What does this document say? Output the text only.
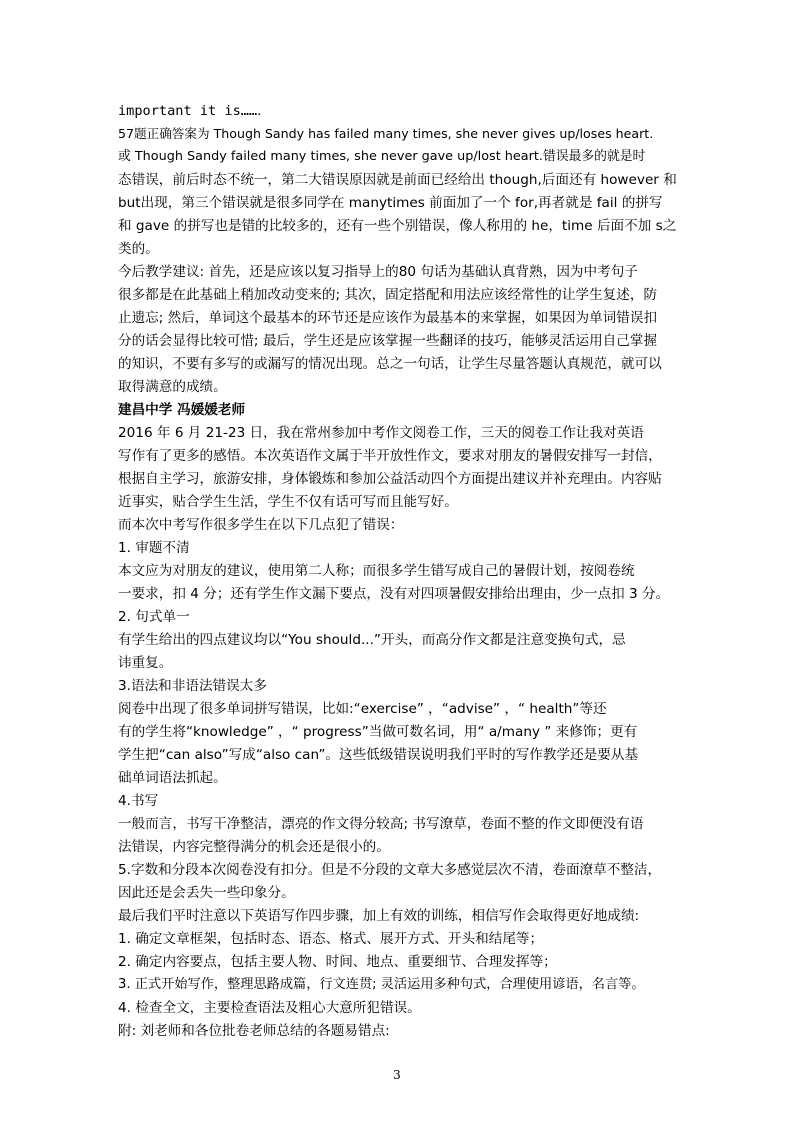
important it is……．
57题正确答案为 Though Sandy has failed many times, she never gives up/loses heart.
或 Though Sandy failed many times, she never gave up/lost heart.错误最多的就是时
态错误，前后时态不统一，第二大错误原因就是前面已经给出 though,后面还有 however 和
but出现，第三个错误就是很多同学在 manytimes 前面加了一个 for,再者就是 fail 的拼写
和 gave 的拼写也是错的比较多的，还有一些个别错误，像人称用的 he，time 后面不加 s之
类的。
今后教学建议: 首先，还是应该以复习指导上的80 句话为基础认真背熟，因为中考句子
很多都是在此基础上稍加改动变来的; 其次，固定搭配和用法应该经常性的让学生复述，防
止遗忘; 然后，单词这个最基本的环节还是应该作为最基本的来掌握，如果因为单词错误扣
分的话会显得比较可惜; 最后，学生还是应该掌握一些翻译的技巧，能够灵活运用自己掌握
的知识，不要有多写的或漏写的情况出现。总之一句话，让学生尽量答题认真规范，就可以
取得满意的成绩。
建昌中学 冯媛媛老师
2016 年 6 月 21-23 日，我在常州参加中考作文阅卷工作，三天的阅卷工作让我对英语
写作有了更多的感悟。本次英语作文属于半开放性作文，要求对朋友的暑假安排写一封信，
根据自主学习，旅游安排，身体锻炼和参加公益活动四个方面提出建议并补充理由。内容贴
近事实，贴合学生生活，学生不仅有话可写而且能写好。
而本次中考写作很多学生在以下几点犯了错误：
1. 审题不清
本文应为对朋友的建议，使用第二人称；而很多学生错写成自己的暑假计划，按阅卷统
一要求，扣 4 分；还有学生作文漏下要点，没有对四项暑假安排给出理由，少一点扣 3 分。
2. 句式单一
有学生给出的四点建议均以“You should...”开头，而高分作文都是注意变换句式，忌
讳重复。
3.语法和非语法错误太多
阅卷中出现了很多单词拼写错误，比如:“exercise” ，“advise” ，“ health”等还
有的学生将“knowledge” ，“ progress”当做可数名词，用“ a/many ” 来修饰；更有
学生把“can also”写成“also can”。这些低级错误说明我们平时的写作教学还是要从基
础单词语法抓起。
4.书写
一般而言，书写干净整洁，漂亮的作文得分较高; 书写潦草，卷面不整的作文即便没有语
法错误，内容完整得满分的机会还是很小的。
5.字数和分段本次阅卷没有扣分。但是不分段的文章大多感觉层次不清，卷面潦草不整洁，
因此还是会丢失一些印象分。
最后我们平时注意以下英语写作四步骤，加上有效的训练，相信写作会取得更好地成绩:
1. 确定文章框架，包括时态、语态、格式、展开方式、开头和结尾等；
2. 确定内容要点，包括主要人物、时间、地点、重要细节、合理发挥等；
3. 正式开始写作，整理思路成篇，行文连贯; 灵活运用多种句式，合理使用谚语，名言等。
4. 检查全文，主要检查语法及粗心大意所犯错误。
附: 刘老师和各位批卷老师总结的各题易错点:
3
